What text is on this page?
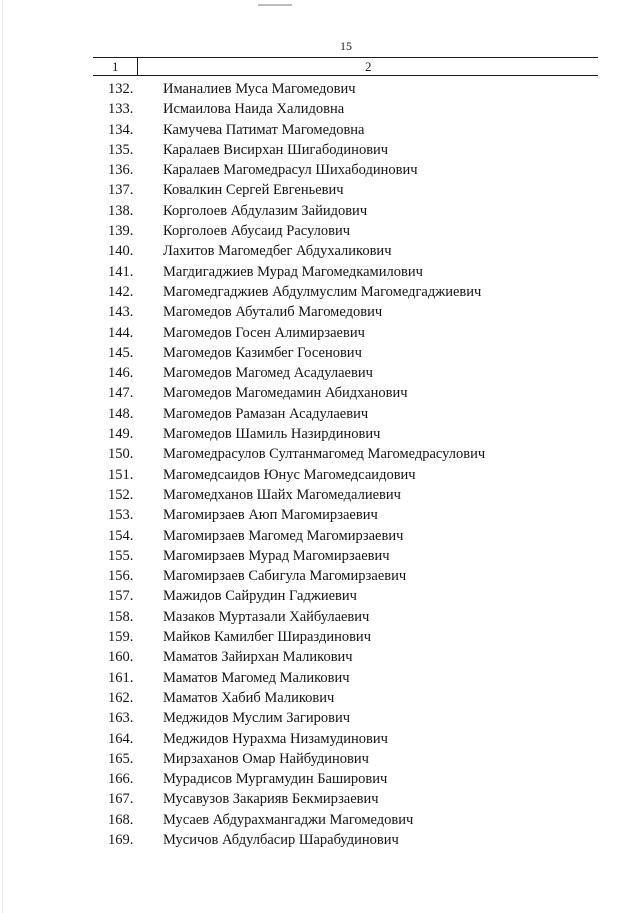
15
1	2
132. Иманалиев Муса Магомедович
133. Исмаилова Наида Халидовна
134. Камучева Патимат Магомедовна
135. Каралаев Висирхан Шигабодинович
136. Каралаев Магомедрасул Шихабодинович
137. Ковалкин Сергей Евгеньевич
138. Корголоев Абдулазим Зайидович
139. Корголоев Абусаид Расулович
140. Лахитов Магомедбег Абдухаликович
141. Магдигаджиев Мурад Магомедкамилович
142. Магомедгаджиев Абдулмуслим Магомедгаджиевич
143. Магомедов Абуталиб Магомедович
144. Магомедов Госен Алимирзаевич
145. Магомедов Казимбег Госенович
146. Магомедов Магомед Асадулаевич
147. Магомедов Магомедамин Абидханович
148. Магомедов Рамазан Асадулаевич
149. Магомедов Шамиль Назирдинович
150. Магомедрасулов Султанмагомед Магомедрасулович
151. Магомедсаидов Юнус Магомедсаидович
152. Магомедханов Шайх Магомедалиевич
153. Магомирзаев Аюп Магомирзаевич
154. Магомирзаев Магомед Магомирзаевич
155. Магомирзаев Мурад Магомирзаевич
156. Магомирзаев Сабигула Магомирзаевич
157. Мажидов Сайрудин Гаджиевич
158. Мазаков Муртазали Хайбулаевич
159. Майков Камилбег Шираздинович
160. Маматов Зайирхан Маликович
161. Маматов Магомед Маликович
162. Маматов Хабиб Маликович
163. Меджидов Муслим Загирович
164. Меджидов Нурахма Низамудинович
165. Мирзаханов Омар Найбудинович
166. Мурадисов Мургамудин Баширович
167. Мусавузов Закарияв Бекмирзаевич
168. Мусаев Абдурахмангаджи Магомедович
169. Мусичов Абдулбасир Шарабудинович
